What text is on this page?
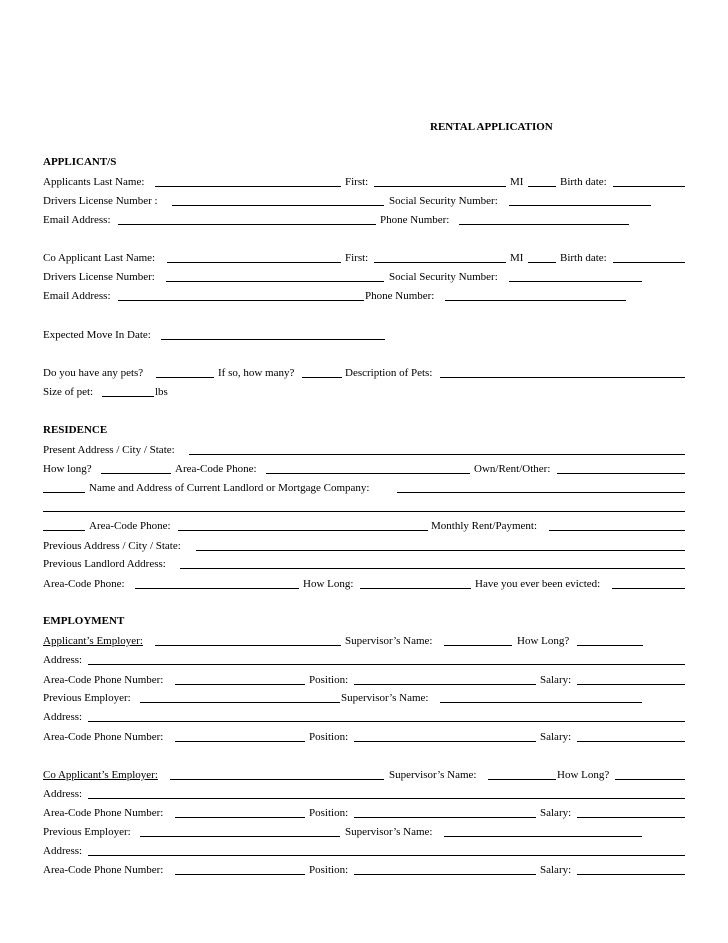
RENTAL APPLICATION
APPLICANT/S
Applicants Last Name:	First:	MI	Birth date:
Drivers License Number :	Social Security Number:
Email Address:	Phone Number:
Co Applicant Last Name:	First:	MI	Birth date:
Drivers License Number:	Social Security Number:
Email Address:	Phone Number:
Expected Move In Date:
Do you have any pets?	If so, how many?	Description of Pets:
Size of pet:	lbs
RESIDENCE
Present Address / City / State:
How long?	Area-Code Phone:	Own/Rent/Other:
Name and Address of Current Landlord or Mortgage Company:
Area-Code Phone:	Monthly Rent/Payment:
Previous Address / City / State:
Previous Landlord Address:
Area-Code Phone:	How Long:	Have you ever been evicted:
EMPLOYMENT
Applicant’s Employer:	Supervisor’s Name:	How Long?
Address:
Area-Code Phone Number:	Position:	Salary:
Previous Employer:	Supervisor’s Name:
Address:
Area-Code Phone Number:	Position:	Salary:
Co Applicant’s Employer:	Supervisor’s Name:	How Long?
Address:
Area-Code Phone Number:	Position:	Salary:
Previous Employer:	Supervisor’s Name:
Address:
Area-Code Phone Number:	Position:	Salary:
